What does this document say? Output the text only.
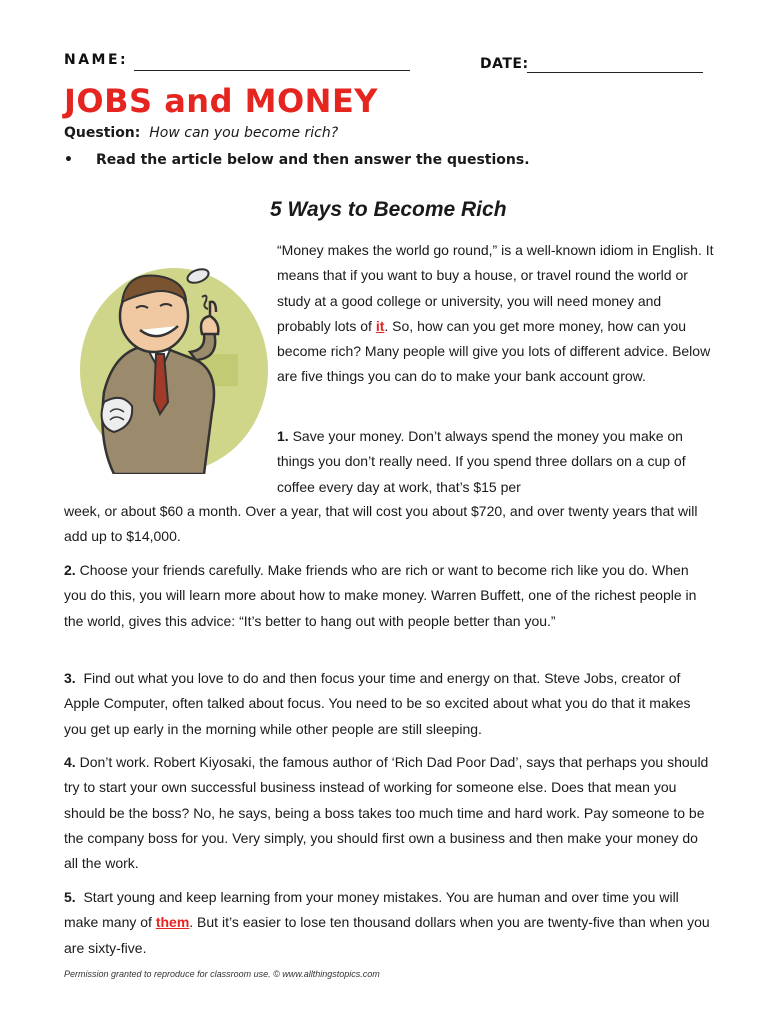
NAME:	DATE:
JOBS and MONEY
Question: How can you become rich?
• Read the article below and then answer the questions.
5 Ways to Become Rich

“Money makes the world go round,” is a well-known idiom in English. It means that if you want to buy a house, or travel round the world or study at a good college or university, you will need money and probably lots of it. So, how can you get more money, how can you become rich? Many people will give you lots of different advice. Below are five things you can do to make your bank account grow.

1. Save your money. Don’t always spend the money you make on things you don’t really need. If you spend three dollars on a cup of coffee every day at work, that’s $15 per

week, or about $60 a month. Over a year, that will cost you about $720, and over twenty years that will add up to $14,000.

2. Choose your friends carefully. Make friends who are rich or want to become rich like you do. When you do this, you will learn more about how to make money. Warren Buffett, one of the richest people in the world, gives this advice: “It’s better to hang out with people better than you.”

3. Find out what you love to do and then focus your time and energy on that. Steve Jobs, creator of Apple Computer, often talked about focus. You need to be so excited about what you do that it makes you get up early in the morning while other people are still sleeping.

4. Don’t work. Robert Kiyosaki, the famous author of ‘Rich Dad Poor Dad’, says that perhaps you should try to start your own successful business instead of working for someone else. Does that mean you should be the boss? No, he says, being a boss takes too much time and hard work. Pay someone to be the company boss for you. Very simply, you should first own a business and then make your money do all the work.

5. Start young and keep learning from your money mistakes. You are human and over time you will make many of them. But it’s easier to lose ten thousand dollars when you are twenty-five than when you are sixty-five.

Permission granted to reproduce for classroom use. © www.allthingstopics.com
